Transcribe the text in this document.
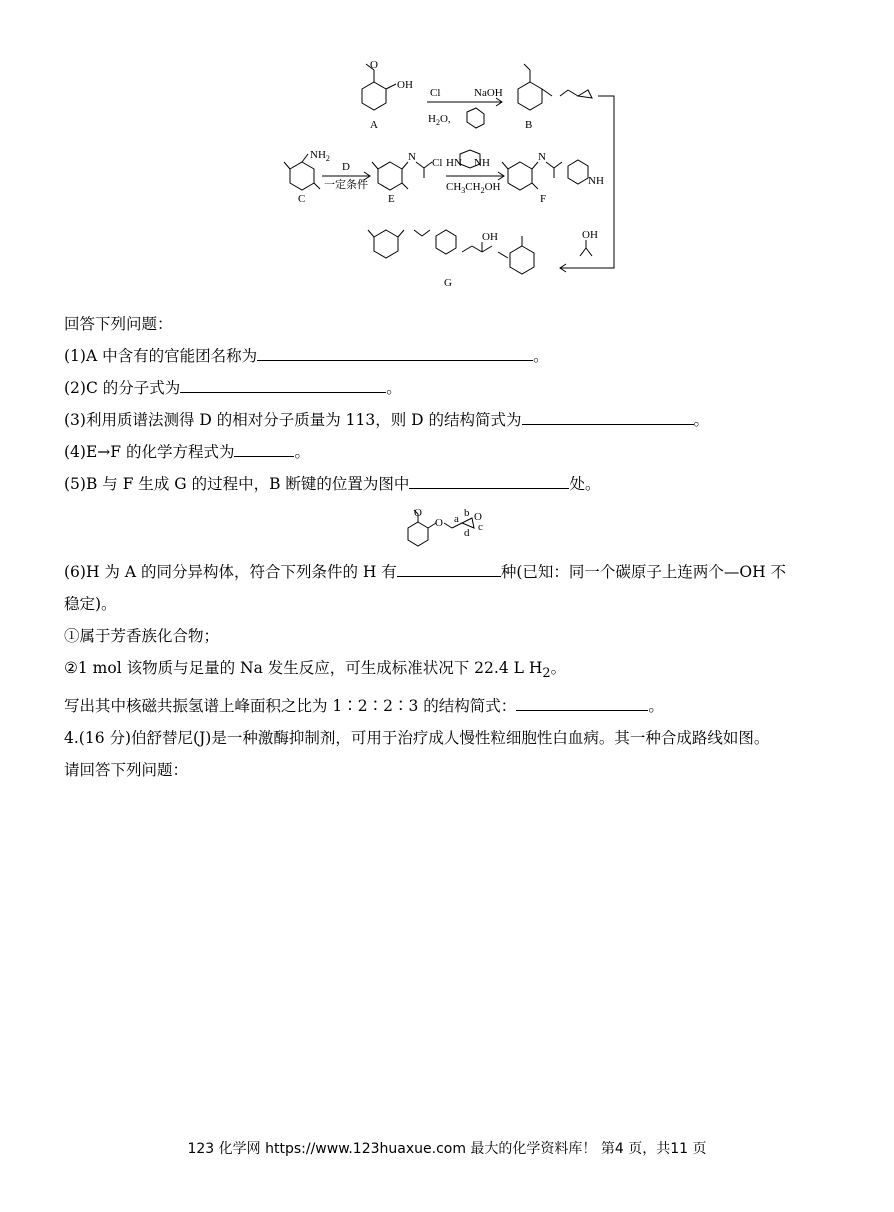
A
OH
O
Cl	NaOH
$H_2O$,	B
C
$NH_2$
D
一定条件
E
N Cl HN NH
$CH_3CH_2OH$
F
N
NH
OH
G
OH
回答下列问题：
(1)A 中含有的官能团名称为	。
(2)C 的分子式为	。
(3)利用质谱法测得 D 的相对分子质量为 113，则 D 的结构简式为	。
(4)E→F 的化学方程式为	。
(5)B 与 F 生成 G 的过程中，B 断键的位置为图中	处。
(6)H 为 A 的同分异构体，符合下列条件的 H 有	种(已知：同一个碳原子上连两个—OH 不
稳定)。
①属于芳香族化合物；
②1 mol 该物质与足量的 Na 发生反应，可生成标准状况下 22.4 L $H_2$。
写出其中核磁共振氢谱上峰面积之比为 1∶2∶2∶3 的结构简式：	。
4.(16 分)伯舒替尼(J)是一种激酶抑制剂，可用于治疗成人慢性粒细胞性白血病。其一种合成路线如图。
请回答下列问题：
O
O a b O
c
d
123 化学网 https://www.123huaxue.com 最大的化学资料库！ 第4 页，共11 页
